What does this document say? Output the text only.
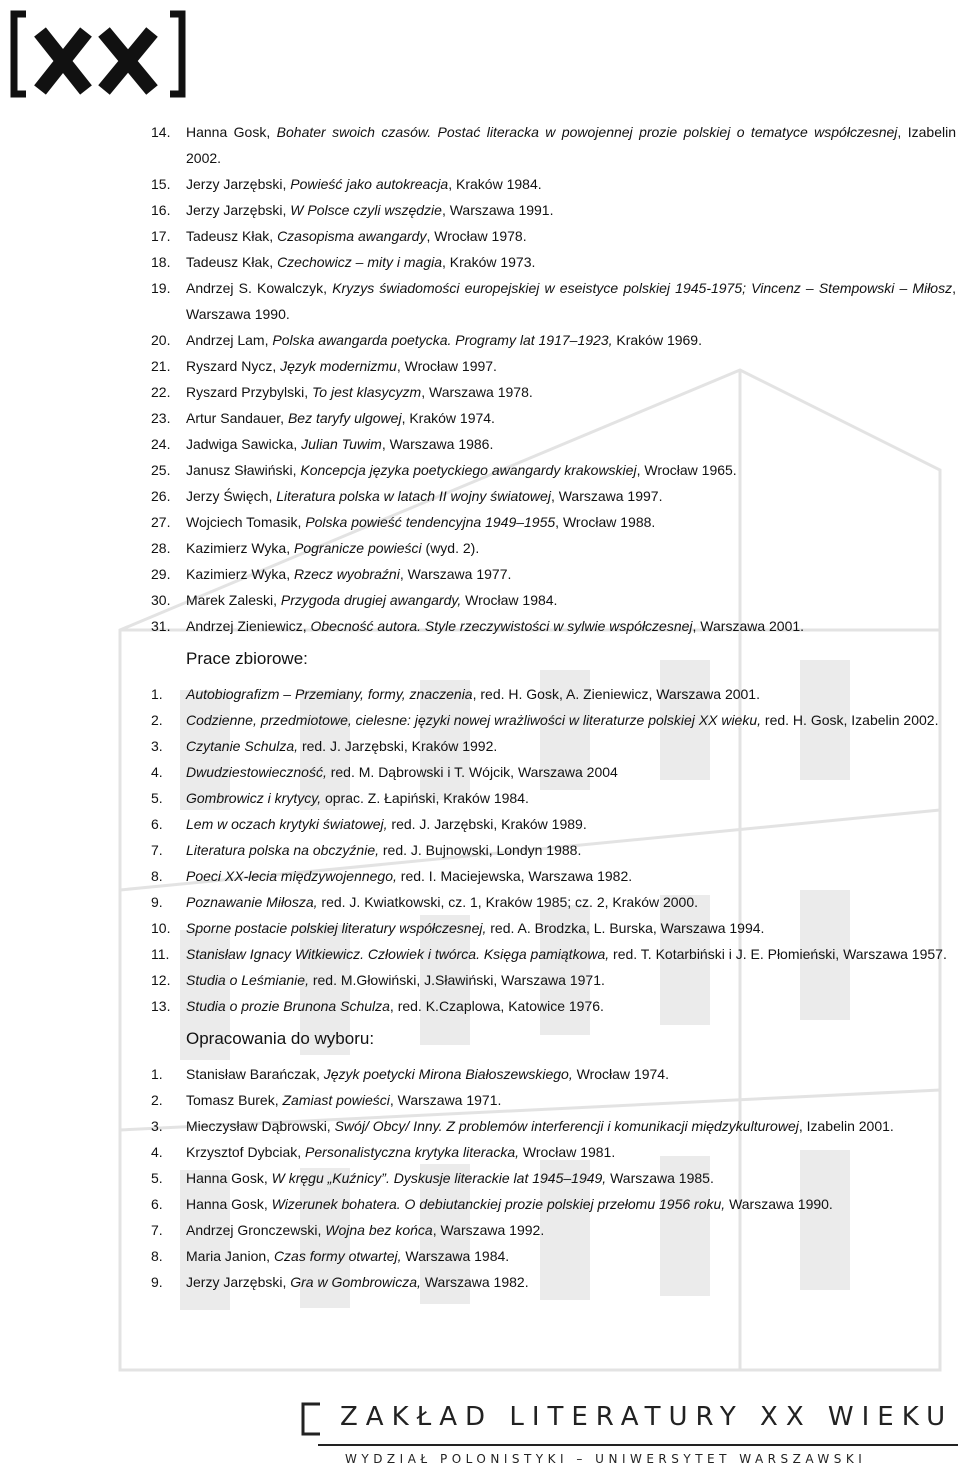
14.	Hanna Gosk, Bohater swoich czasów. Postać literacka w powojennej prozie polskiej o tematyce współczesnej, Izabelin 2002.
15.	Jerzy Jarzębski, Powieść jako autokreacja, Kraków 1984.
16.	Jerzy Jarzębski, W Polsce czyli wszędzie, Warszawa 1991.
17.	Tadeusz Kłak, Czasopisma awangardy, Wrocław 1978.
18.	Tadeusz Kłak, Czechowicz – mity i magia, Kraków 1973.
19.	Andrzej S. Kowalczyk, Kryzys świadomości europejskiej w eseistyce polskiej 1945-1975; Vincenz – Stempowski – Miłosz, Warszawa 1990.
20.	Andrzej Lam, Polska awangarda poetycka. Programy lat 1917–1923, Kraków 1969.
21.	Ryszard Nycz, Język modernizmu, Wrocław 1997.
22.	Ryszard Przybylski, To jest klasycyzm, Warszawa 1978.
23.	Artur Sandauer, Bez taryfy ulgowej, Kraków 1974.
24.	Jadwiga Sawicka, Julian Tuwim, Warszawa 1986.
25.	Janusz Sławiński, Koncepcja języka poetyckiego awangardy krakowskiej, Wrocław 1965.
26.	Jerzy Święch, Literatura polska w latach II wojny światowej, Warszawa 1997.
27.	Wojciech Tomasik, Polska powieść tendencyjna 1949–1955, Wrocław 1988.
28.	Kazimierz Wyka, Pogranicze powieści (wyd. 2).
29.	Kazimierz Wyka, Rzecz wyobraźni, Warszawa 1977.
30.	Marek Zaleski, Przygoda drugiej awangardy, Wrocław 1984.
31.	Andrzej Zieniewicz, Obecność autora. Style rzeczywistości w sylwie współczesnej, Warszawa 2001.
Prace zbiorowe:
1.	Autobiografizm – Przemiany, formy, znaczenia, red. H. Gosk, A. Zieniewicz, Warszawa 2001.
2.	Codzienne, przedmiotowe, cielesne: języki nowej wrażliwości w literaturze polskiej XX wieku, red. H. Gosk, Izabelin 2002.
3.	Czytanie Schulza, red. J. Jarzębski, Kraków 1992.
4.	Dwudziestowieczność, red. M. Dąbrowski i T. Wójcik, Warszawa 2004
5.	Gombrowicz i krytycy, oprac. Z. Łapiński, Kraków 1984.
6.	Lem w oczach krytyki światowej, red. J. Jarzębski, Kraków 1989.
7.	Literatura polska na obczyźnie, red. J. Bujnowski, Londyn 1988.
8.	Poeci XX-lecia międzywojennego, red. I. Maciejewska, Warszawa 1982.
9.	Poznawanie Miłosza, red. J. Kwiatkowski, cz. 1, Kraków 1985; cz. 2, Kraków 2000.
10.	Sporne postacie polskiej literatury współczesnej, red. A. Brodzka, L. Burska, Warszawa 1994.
11.	Stanisław Ignacy Witkiewicz. Człowiek i twórca. Księga pamiątkowa, red. T. Kotarbiński i J. E. Płomieński, Warszawa 1957.
12.	Studia o Leśmianie, red. M.Głowiński, J.Sławiński, Warszawa 1971.
13.	Studia o prozie Brunona Schulza, red. K.Czaplowa, Katowice 1976.
Opracowania do wyboru:
1.	Stanisław Barańczak, Język poetycki Mirona Białoszewskiego, Wrocław 1974.
2.	Tomasz Burek, Zamiast powieści, Warszawa 1971.
3.	Mieczysław Dąbrowski, Swój/ Obcy/ Inny. Z problemów interferencji i komunikacji międzykulturowej, Izabelin 2001.
4.	Krzysztof Dybciak, Personalistyczna krytyka literacka, Wrocław 1981.
5.	Hanna Gosk, W kręgu „Kuźnicy”. Dyskusje literackie lat 1945–1949, Warszawa 1985.
6.	Hanna Gosk, Wizerunek bohatera. O debiutanckiej prozie polskiej przełomu 1956 roku, Warszawa 1990.
7.	Andrzej Gronczewski, Wojna bez końca, Warszawa 1992.
8.	Maria Janion, Czas formy otwartej, Warszawa 1984.
9.	Jerzy Jarzębski, Gra w Gombrowicza, Warszawa 1982.
ZAKŁAD LITERATURY XX WIEKU
WYDZIAŁ POLONISTYKI – UNIWERSYTET WARSZAWSKI
